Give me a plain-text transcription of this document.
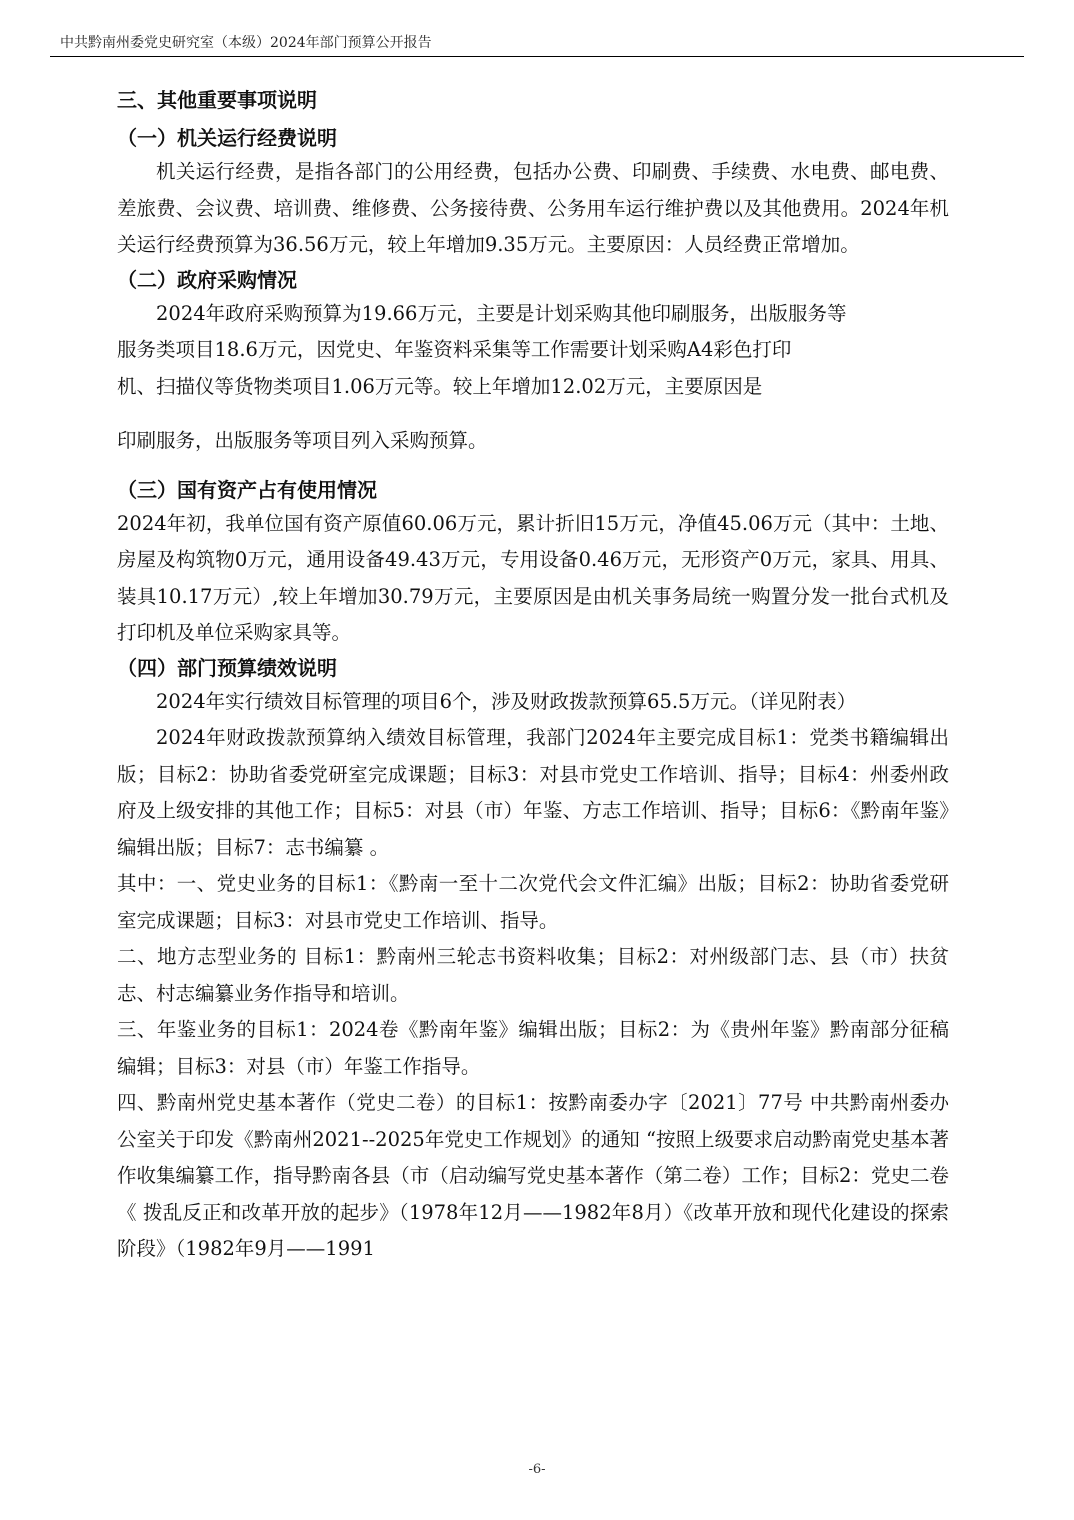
中共黔南州委党史研究室（本级）2024年部门预算公开报告
三、其他重要事项说明
（一）机关运行经费说明

机关运行经费，是指各部门的公用经费，包括办公费、印刷费、手续费、水电费、邮电费、差旅费、会议费、培训费、维修费、公务接待费、公务用车运行维护费以及其他费用。2024年机关运行经费预算为36.56万元，较上年增加9.35万元。主要原因：人员经费正常增加。

（二）政府采购情况
2024年政府采购预算为19.66万元，主要是计划采购其他印刷服务，出版服务等
服务类项目18.6万元，因党史、年鉴资料采集等工作需要计划采购A4彩色打印
机、扫描仪等货物类项目1.06万元等。较上年增加12.02万元，主要原因是
印刷服务，出版服务等项目列入采购预算。
（三）国有资产占有使用情况

2024年初，我单位国有资产原值60.06万元，累计折旧15万元，净值45.06万元（其中：土地、房屋及构筑物0万元，通用设备49.43万元，专用设备0.46万元，无形资产0万元，家具、用具、装具10.17万元）,较上年增加30.79万元，主要原因是由机关事务局统一购置分发一批台式机及打印机及单位采购家具等。

（四）部门预算绩效说明

2024年实行绩效目标管理的项目6个，涉及财政拨款预算65.5万元。（详见附表）

2024年财政拨款预算纳入绩效目标管理，我部门2024年主要完成目标1：党类书籍编辑出版；目标2：协助省委党研室完成课题；目标3：对县市党史工作培训、指导；目标4：州委州政府及上级安排的其他工作；目标5：对县（市）年鉴、方志工作培训、指导；目标6：《黔南年鉴》编辑出版；目标7：志书编纂 。

其中：一、党史业务的目标1：《黔南一至十二次党代会文件汇编》出版；目标2：协助省委党研室完成课题；目标3：对县市党史工作培训、指导。

二、地方志型业务的 目标1：黔南州三轮志书资料收集；目标2：对州级部门志、县（市）扶贫志、村志编纂业务作指导和培训。

三、年鉴业务的目标1：2024卷《黔南年鉴》编辑出版；目标2：为《贵州年鉴》黔南部分征稿编辑；目标3：对县（市）年鉴工作指导。

四、黔南州党史基本著作（党史二卷）的目标1：按黔南委办字〔2021〕77号 中共黔南州委办公室关于印发《黔南州2021--2025年党史工作规划》的通知 “按照上级要求启动黔南党史基本著作收集编纂工作，指导黔南各县（市（启动编写党史基本著作（第二卷）工作；目标2：党史二卷《 拨乱反正和改革开放的起步》（1978年12月——1982年8月）《改革开放和现代化建设的探索阶段》（1982年9月——1991

-6-
